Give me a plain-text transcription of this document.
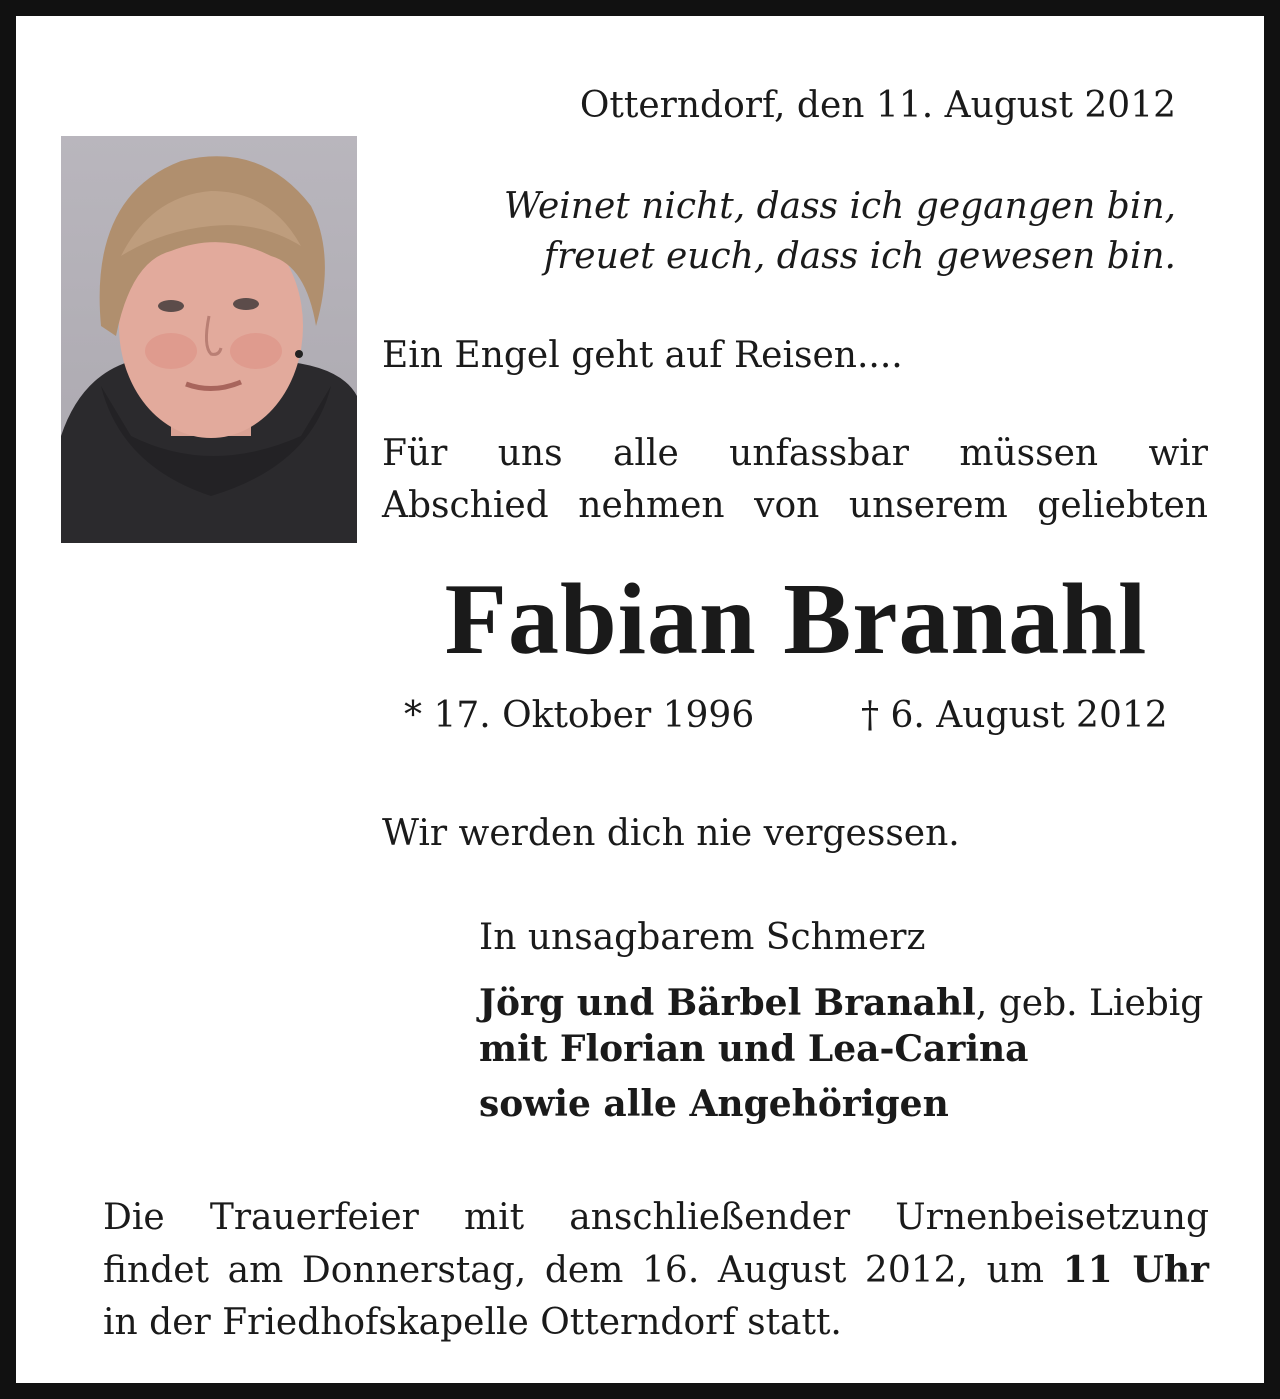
Otterndorf, den 11. August 2012
Weinet nicht, dass ich gegangen bin,
freuet euch, dass ich gewesen bin.
Ein Engel geht auf Reisen....
Für uns alle unfassbar müssen wir
Abschied nehmen von unserem geliebten
Fabian Branahl
* 17. Oktober 1996	† 6. August 2012
Wir werden dich nie vergessen.
In unsagbarem Schmerz
Jörg und Bärbel Branahl, geb. Liebig
mit Florian und Lea-Carina
sowie alle Angehörigen
Die Trauerfeier mit anschließender Urnenbeisetzung
findet am Donnerstag, dem 16. August 2012, um 11 Uhr
in der Friedhofskapelle Otterndorf statt.
